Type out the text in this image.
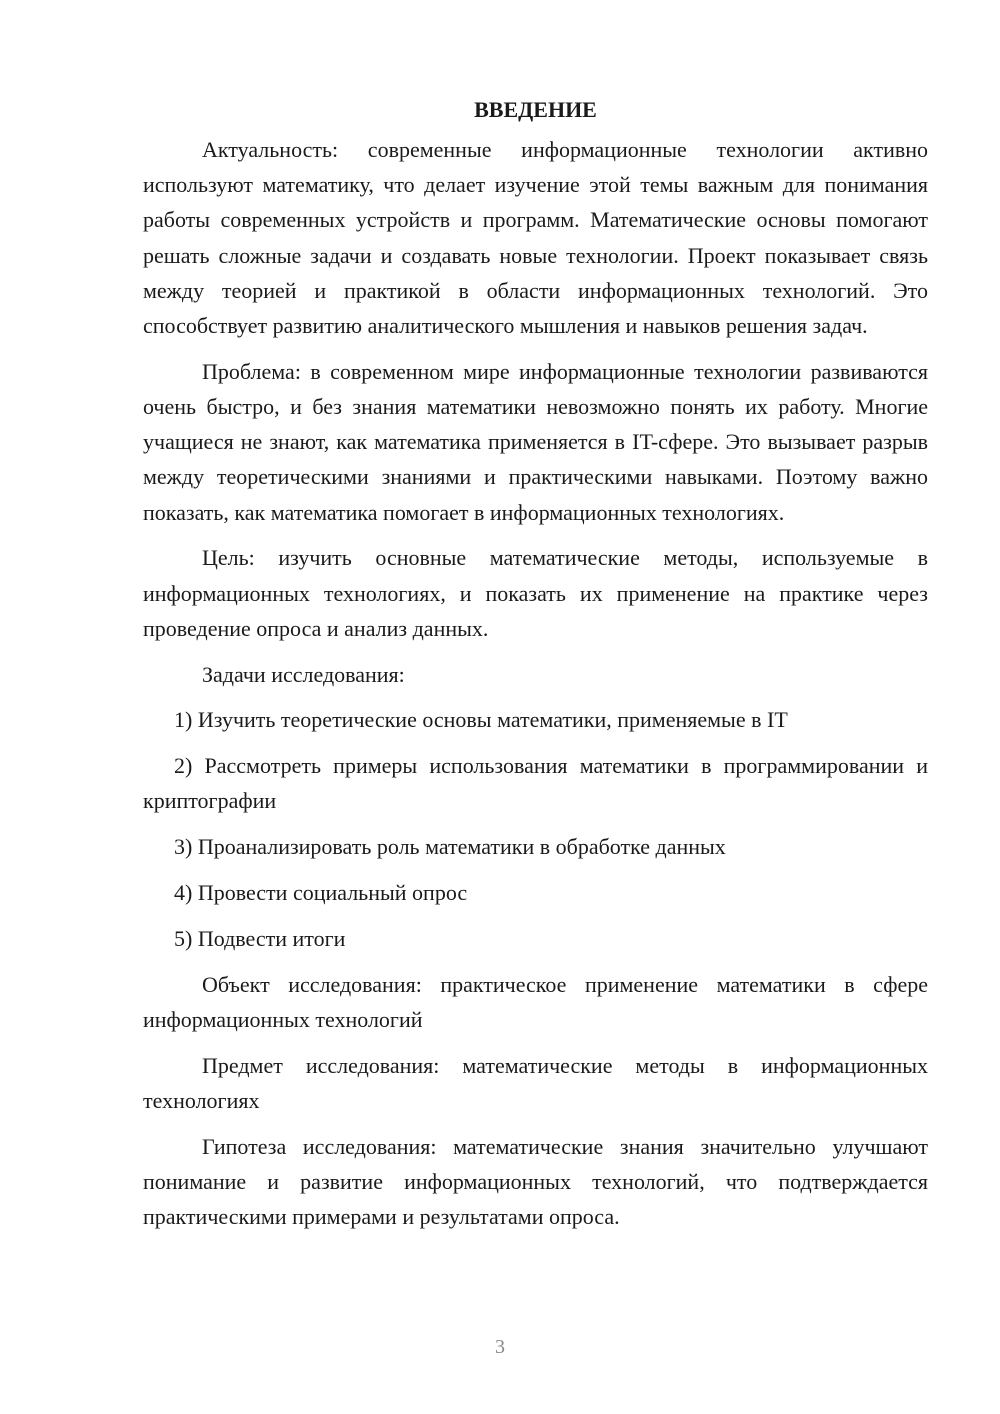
ВВЕДЕНИЕ

Актуальность: современные информационные технологии активно используют математику, что делает изучение этой темы важным для понимания работы современных устройств и программ. Математические основы помогают решать сложные задачи и создавать новые технологии. Проект показывает связь между теорией и практикой в области информационных технологий. Это способствует развитию аналитического мышления и навыков решения задач.

Проблема: в современном мире информационные технологии развиваются очень быстро, и без знания математики невозможно понять их работу. Многие учащиеся не знают, как математика применяется в IT-сфере. Это вызывает разрыв между теоретическими знаниями и практическими навыками. Поэтому важно показать, как математика помогает в информационных технологиях.

Цель: изучить основные математические методы, используемые в информационных технологиях, и показать их применение на практике через проведение опроса и анализ данных.

Задачи исследования:

1) Изучить теоретические основы математики, применяемые в IT

2) Рассмотреть примеры использования математики в программировании и криптографии

3) Проанализировать роль математики в обработке данных

4) Провести социальный опрос

5) Подвести итоги

Объект исследования: практическое применение математики в сфере информационных технологий

Предмет исследования: математические методы в информационных технологиях

Гипотеза исследования: математические знания значительно улучшают понимание и развитие информационных технологий, что подтверждается практическими примерами и результатами опроса.

3
